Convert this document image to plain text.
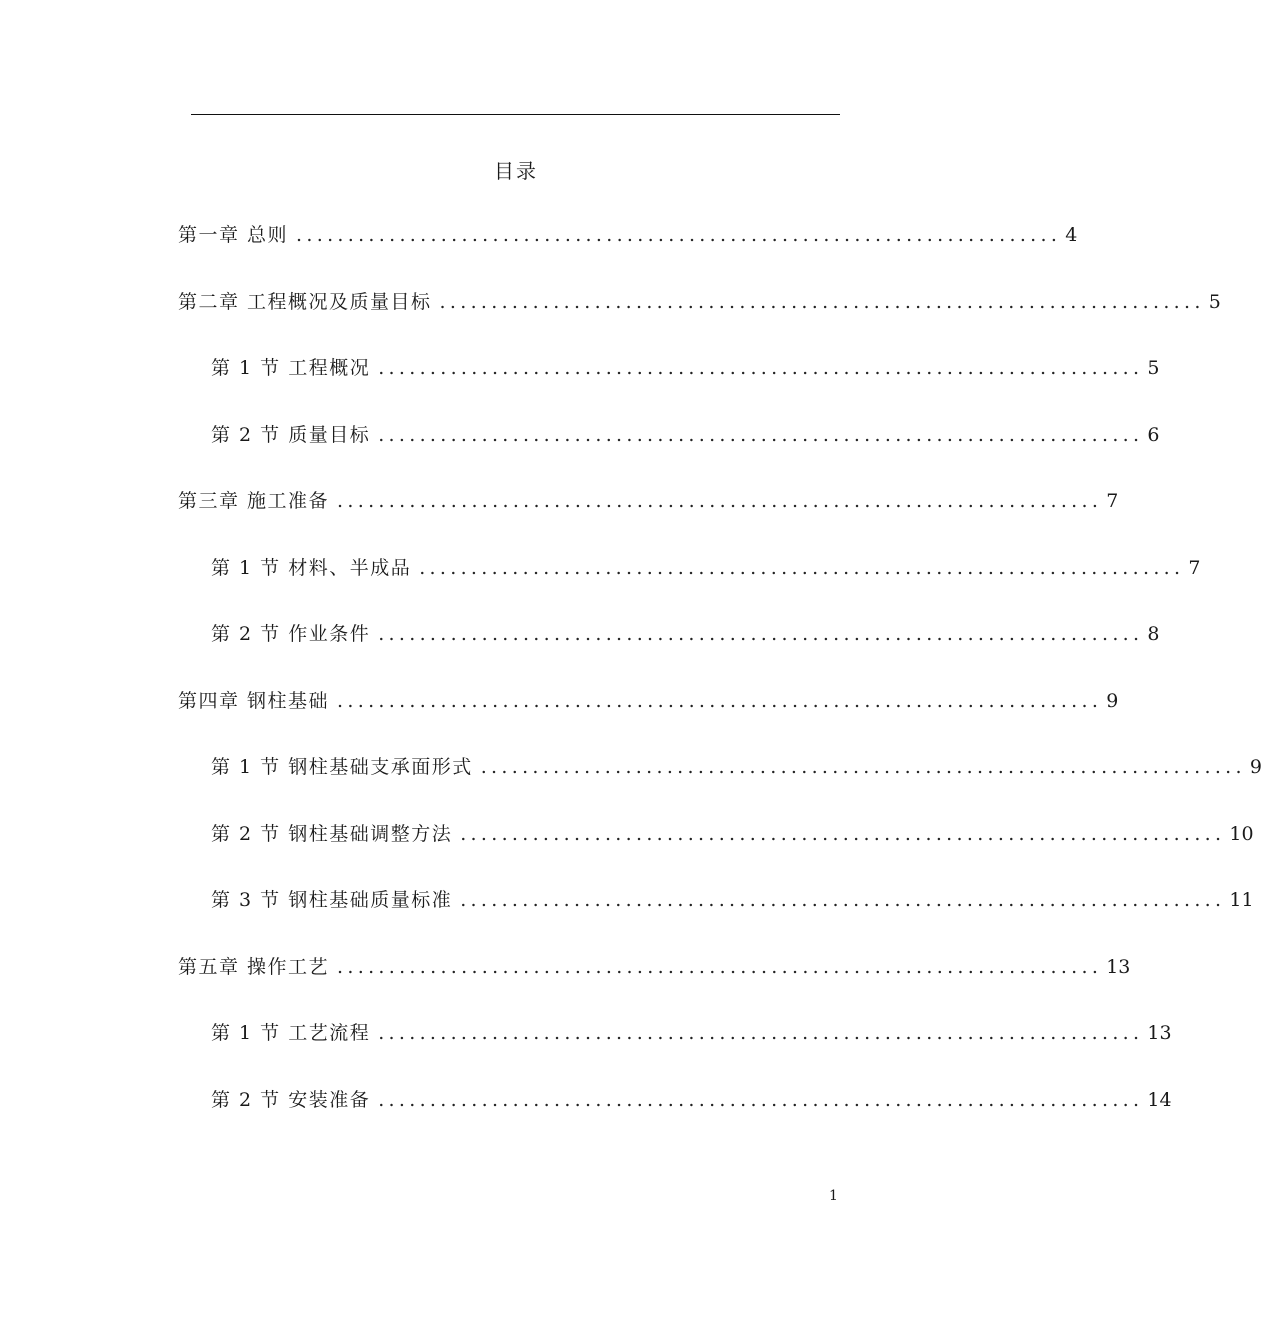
目录
第一章 总则 .......................................................................... 4
第二章 工程概况及质量目标 .......................................................................... 5
第 1 节 工程概况 .......................................................................... 5
第 2 节 质量目标 .......................................................................... 6
第三章 施工准备 .......................................................................... 7
第 1 节 材料、半成品 .......................................................................... 7
第 2 节 作业条件 .......................................................................... 8
第四章 钢柱基础 .......................................................................... 9
第 1 节 钢柱基础支承面形式 .......................................................................... 9
第 2 节 钢柱基础调整方法 .......................................................................... 10
第 3 节 钢柱基础质量标准 .......................................................................... 11
第五章 操作工艺 .......................................................................... 13
第 1 节 工艺流程 .......................................................................... 13
第 2 节 安装准备 .......................................................................... 14
1
